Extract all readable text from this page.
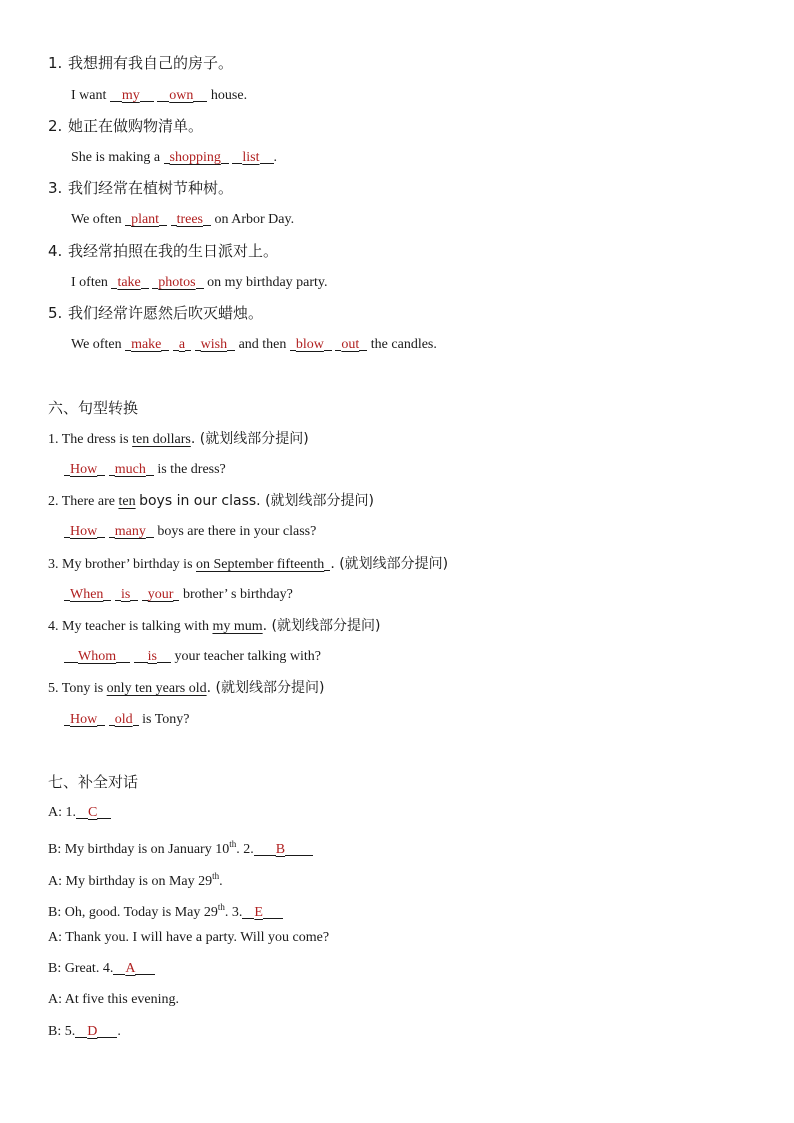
1. 我想拥有我自己的房子。
I want my own house.
2. 她正在做购物清单。
She is making a shopping list .
3. 我们经常在植树节种树。
We often plant trees on Arbor Day.
4. 我经常拍照在我的生日派对上。
I often take photos on my birthday party.
5. 我们经常许愿然后吹灭蜡烛。
We often make a wish and then blow out the candles.
六、句型转换
1. The dress is ten dollars. (就划线部分提问)
How much is the dress?
2. There are ten boys in our class. (就划线部分提问)
How many boys are there in your class?
3. My brother’ birthday is on September fifteenth . (就划线部分提问)
When is your brother’ s birthday?
4. My teacher is talking with my mum. (就划线部分提问)
Whom is your teacher talking with?
5. Tony is only ten years old. (就划线部分提问)
How old is Tony?
七、补全对话
A: 1. C
B: My birthday is on January 10th. 2. B
A: My birthday is on May 29th.
B: Oh, good. Today is May 29th. 3. E
A: Thank you. I will have a party. Will you come?
B: Great. 4. A
A: At five this evening.
B: 5. D .
